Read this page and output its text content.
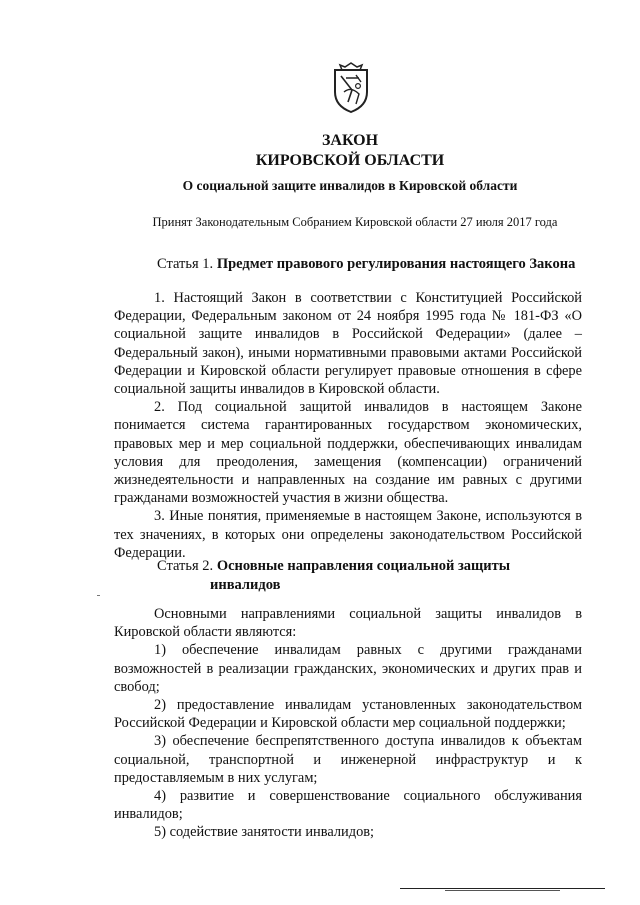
ЗАКОН
КИРОВСКОЙ ОБЛАСТИ
О социальной защите инвалидов в Кировской области
Принят Законодательным Собранием Кировской области 27 июля 2017 года
Статья 1. Предмет правового регулирования настоящего Закона

1. Настоящий Закон в соответствии с Конституцией Российской Федерации, Федеральным законом от 24 ноября 1995 года № 181-ФЗ «О социальной защите инвалидов в Российской Федерации» (далее – Федеральный закон), иными нормативными правовыми актами Российской Федерации и Кировской области регулирует правовые отношения в сфере социальной защиты инвалидов в Кировской области.

2. Под социальной защитой инвалидов в настоящем Законе понимается система гарантированных государством экономических, правовых мер и мер социальной поддержки, обеспечивающих инвалидам условия для преодоления, замещения (компенсации) ограничений жизнедеятельности и направленных на создание им равных с другими гражданами возможностей участия в жизни общества.

3. Иные понятия, применяемые в настоящем Законе, используются в тех значениях, в которых они определены законодательством Российской Федерации.

Статья 2. Основные направления социальной защиты
инвалидов

Основными направлениями социальной защиты инвалидов в Кировской области являются:

1) обеспечение инвалидам равных с другими гражданами возможностей в реализации гражданских, экономических и других прав и свобод;

2) предоставление инвалидам установленных законодательством Российской Федерации и Кировской области мер социальной поддержки;

3) обеспечение беспрепятственного доступа инвалидов к объектам социальной, транспортной и инженерной инфраструктур и к предоставляемым в них услугам;

4) развитие и совершенствование социального обслуживания инвалидов;

5) содействие занятости инвалидов;
